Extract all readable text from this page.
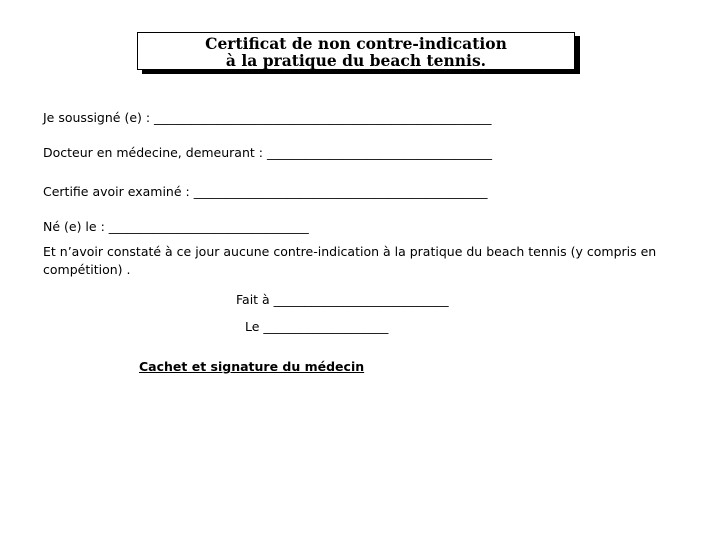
Certificat de non contre-indication
à la pratique du beach tennis.
Je soussigné (e) : ______________________________________________________
Docteur en médecine, demeurant : ____________________________________
Certifie avoir examiné : _______________________________________________
Né (e) le : ________________________________
Et n’avoir constaté à ce jour aucune contre-indication à la pratique du beach tennis (y compris en compétition) .
Fait à ____________________________
Le ____________________
Cachet et signature du médecin
